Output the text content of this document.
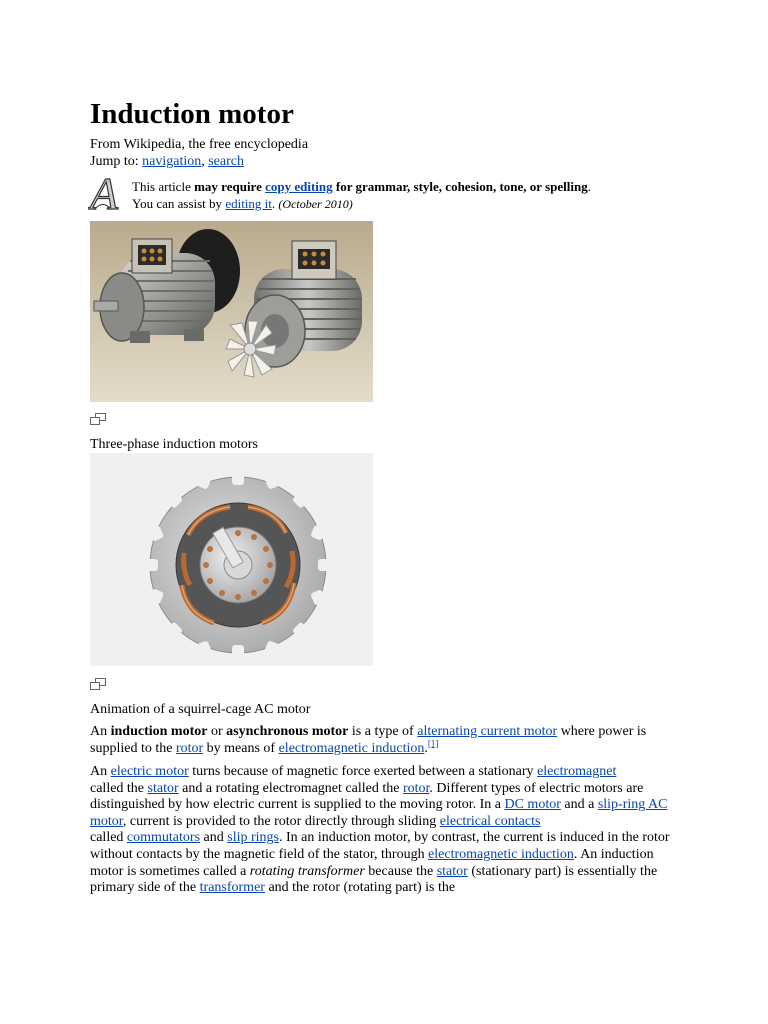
Induction motor
From Wikipedia, the free encyclopedia
Jump to: navigation, search
A This article may require copy editing for grammar, style, cohesion, tone, or spelling.
You can assist by editing it. (October 2010)
Three-phase induction motors
Animation of a squirrel-cage AC motor
An induction motor or asynchronous motor is a type of alternating current motor where power is supplied to the rotor by means of electromagnetic induction.[1]
An electric motor turns because of magnetic force exerted between a stationary electromagnet
called the stator and a rotating electromagnet called the rotor. Different types of electric motors are distinguished by how electric current is supplied to the moving rotor. In a DC motor and a slip-ring AC motor, current is provided to the rotor directly through sliding electrical contacts
called commutators and slip rings. In an induction motor, by contrast, the current is induced in the rotor without contacts by the magnetic field of the stator, through electromagnetic induction. An induction motor is sometimes called a rotating transformer because the stator (stationary part) is essentially the primary side of the transformer and the rotor (rotating part) is the
